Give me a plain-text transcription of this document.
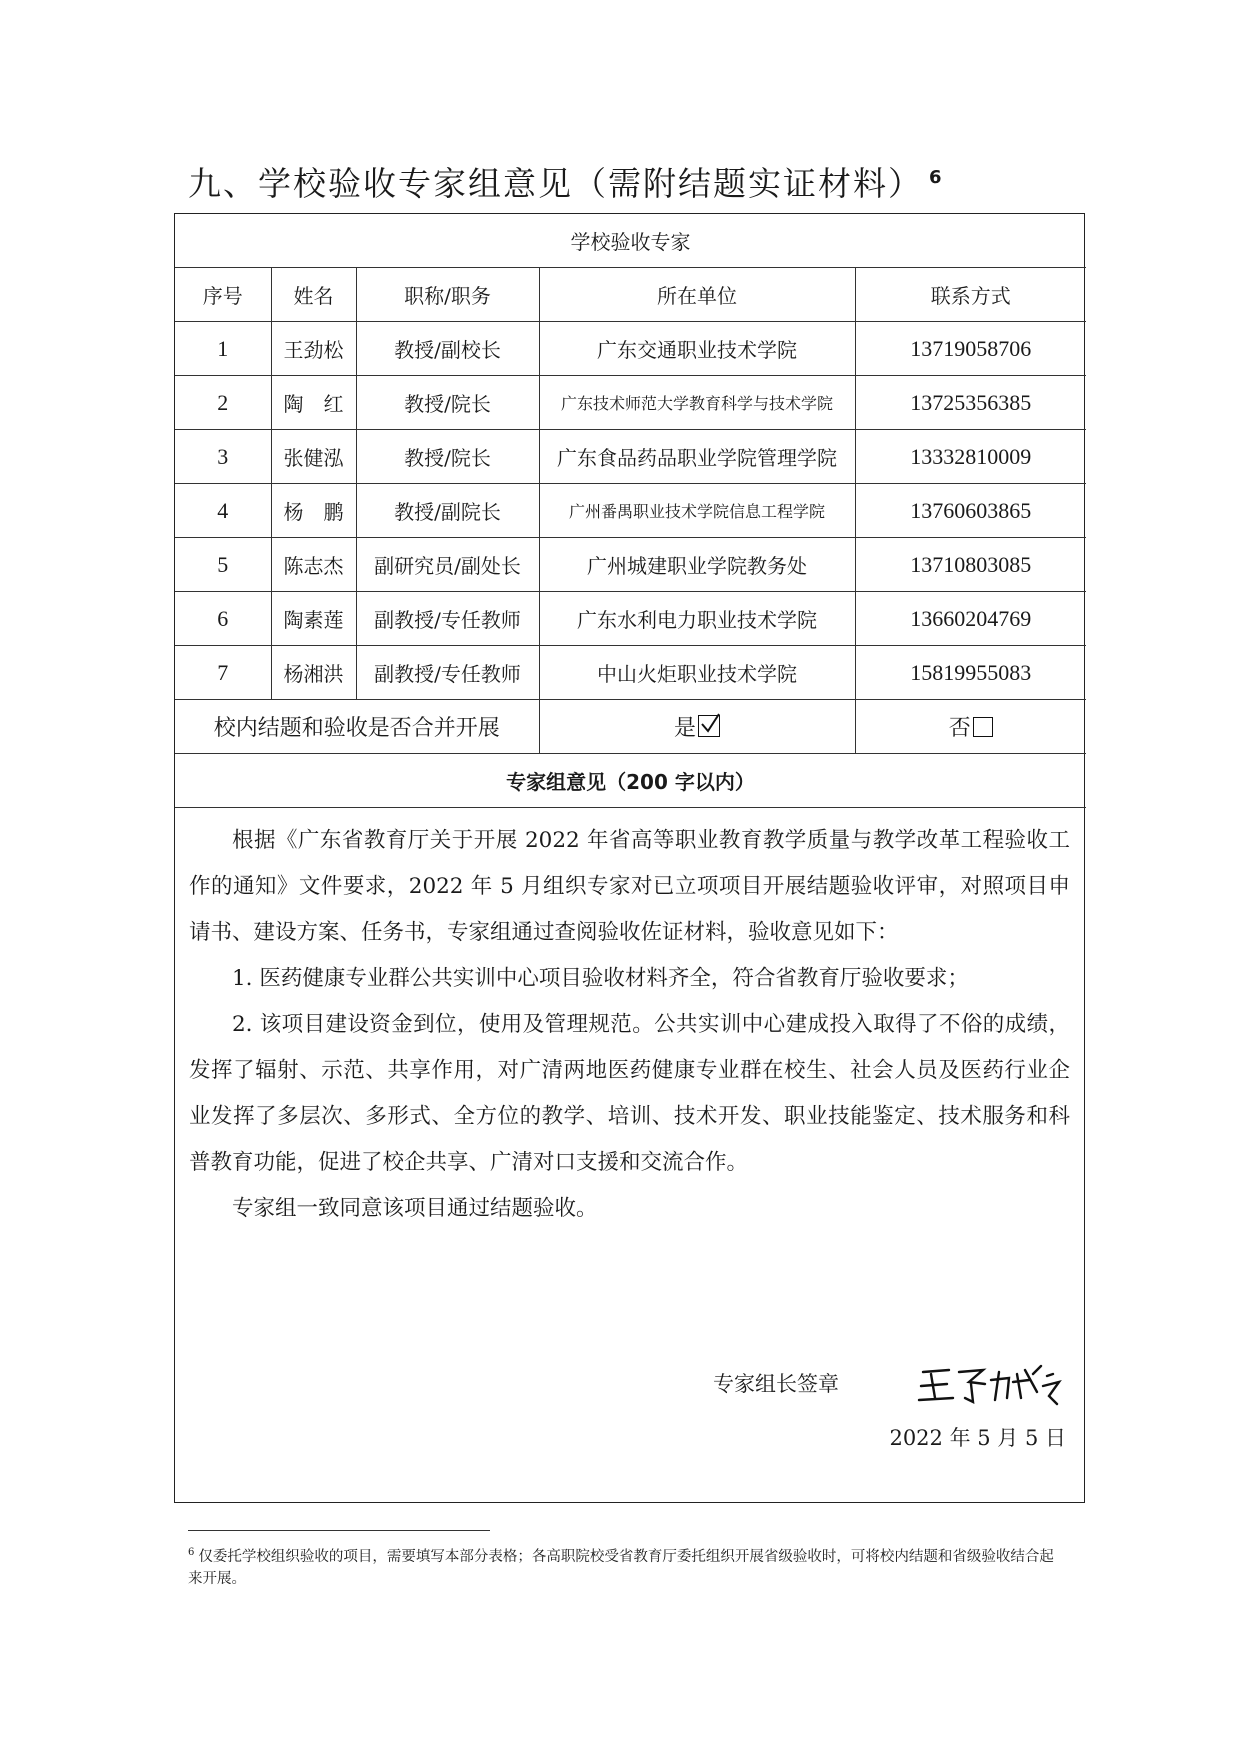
九、学校验收专家组意见（需附结题实证材料） $^6$
学校验收专家				
序号	姓名	职称/职务	所在单位	联系方式
1	王劲松	教授/副校长	广东交通职业技术学院	13719058706
2	陶　红	教授/院长	广东技术师范大学教育科学与技术学院	13725356385
3	张健泓	教授/院长	广东食品药品职业学院管理学院	13332810009
4	杨　鹏	教授/副院长	广州番禺职业技术学院信息工程学院	13760603865
5	陈志杰	副研究员/副处长	广州城建职业学院教务处	13710803085
6	陶素莲	副教授/专任教师	广东水利电力职业技术学院	13660204769
7	杨湘洪	副教授/专任教师	中山火炬职业技术学院	15819955083
校内结题和验收是否合并开展			是	否
专家组意见（200 字以内）				

根据《广东省教育厅关于开展 2022 年省高等职业教育教学质量与教学改革工程验收工作的通知》文件要求，2022 年 5 月组织专家对已立项项目开展结题验收评审，对照项目申请书、建设方案、任务书，专家组通过查阅验收佐证材料，验收意见如下：

1. 医药健康专业群公共实训中心项目验收材料齐全，符合省教育厅验收要求；

2. 该项目建设资金到位，使用及管理规范。公共实训中心建成投入取得了不俗的成绩，发挥了辐射、示范、共享作用，对广清两地医药健康专业群在校生、社会人员及医药行业企业发挥了多层次、多形式、全方位的教学、培训、技术开发、职业技能鉴定、技术服务和科普教育功能，促进了校企共享、广清对口支援和交流合作。

专家组一致同意该项目通过结题验收。

专家组长签章
2022 年 5 月 5 日
$^6$ 仅委托学校组织验收的项目，需要填写本部分表格；各高职院校受省教育厅委托组织开展省级验收时，可将校内结题和省级验收结合起来开展。
